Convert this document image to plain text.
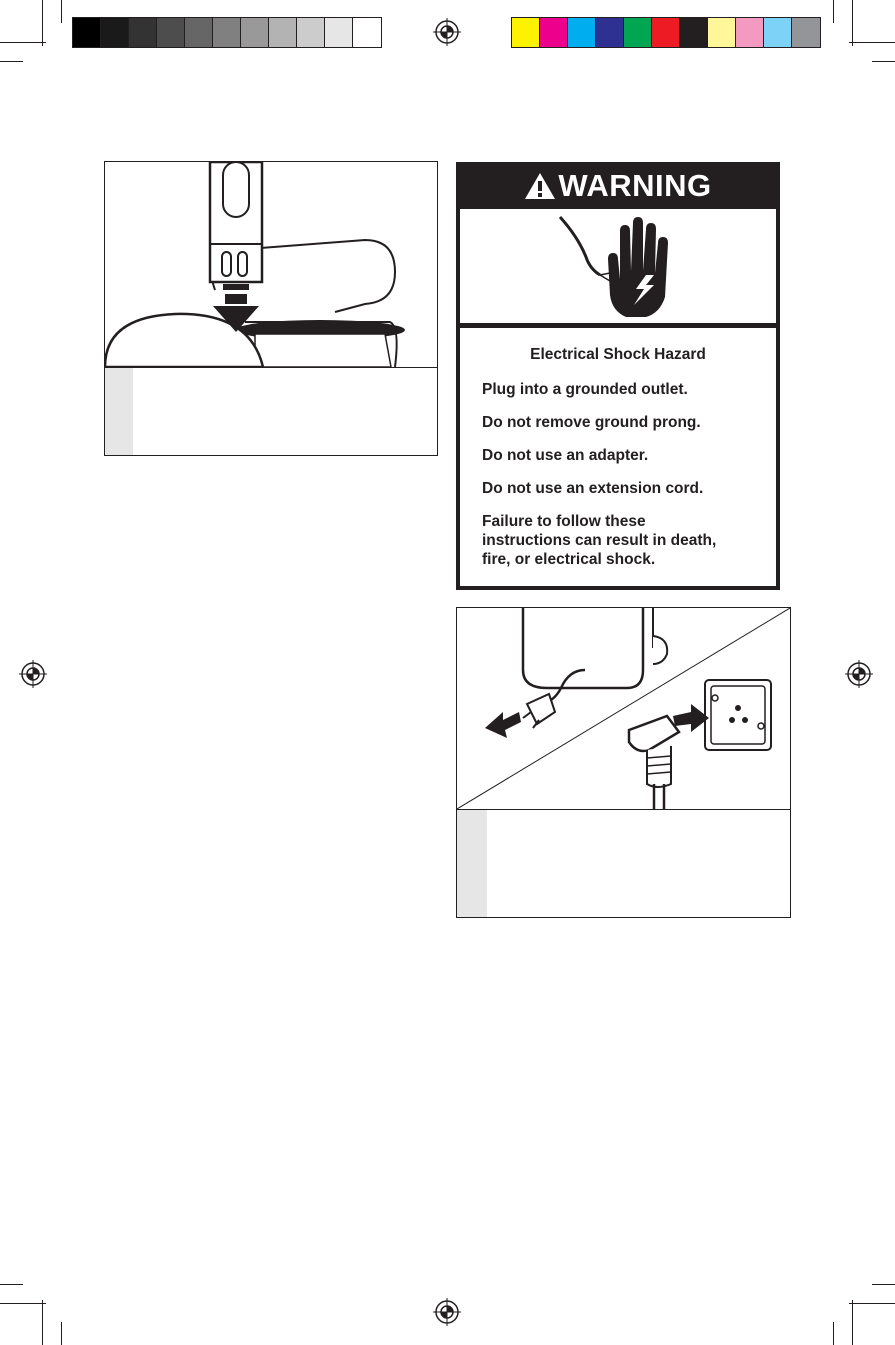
WARNING
Electrical Shock Hazard
Plug into a grounded outlet.
Do not remove ground prong.
Do not use an adapter.
Do not use an extension cord.
Failure to follow these
instructions can result in death,
fire, or electrical shock.
